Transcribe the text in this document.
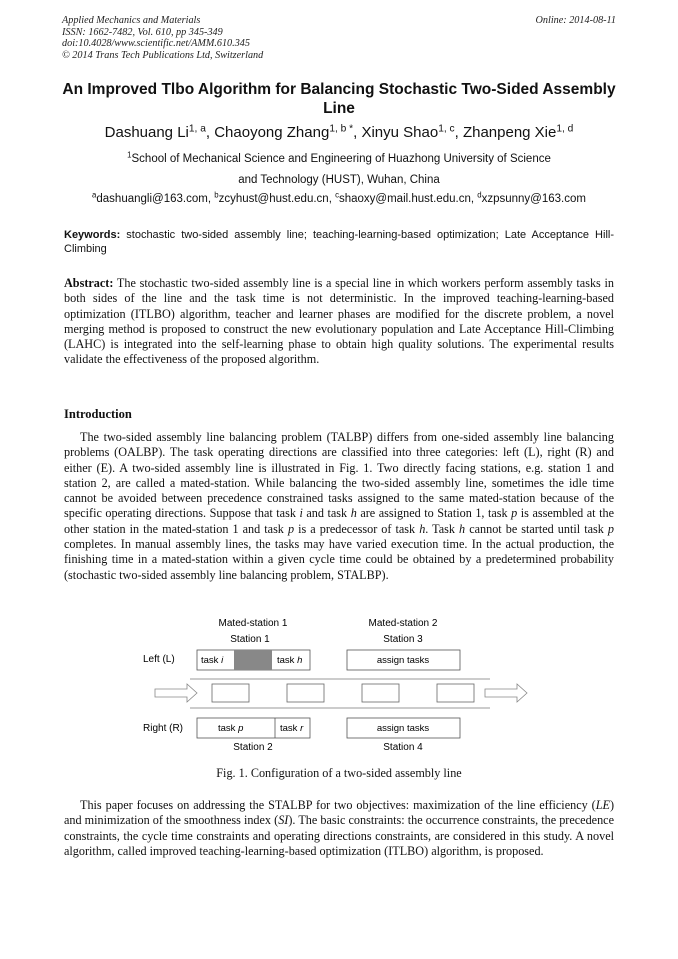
Applied Mechanics and Materials
ISSN: 1662-7482, Vol. 610, pp 345-349
doi:10.4028/www.scientific.net/AMM.610.345
© 2014 Trans Tech Publications Ltd, Switzerland
Online: 2014-08-11
An Improved Tlbo Algorithm for Balancing Stochastic Two-Sided Assembly Line
Dashuang Li$^{1, a}$, Chaoyong Zhang$^{1, b *}$, Xinyu Shao$^{1, c}$, Zhanpeng Xie$^{1, d}$
$^1$School of Mechanical Science and Engineering of Huazhong University of Science
and Technology (HUST), Wuhan, China
$^a$dashuangli@163.com, $^b$zcyhust@hust.edu.cn, $^c$shaoxy@mail.hust.edu.cn, $^d$xzpsunny@163.com
Keywords: stochastic two-sided assembly line; teaching-learning-based optimization; Late Acceptance Hill-Climbing
Abstract: The stochastic two-sided assembly line is a special line in which workers perform assembly tasks in both sides of the line and the task time is not deterministic. In the improved teaching-learning-based optimization (ITLBO) algorithm, teacher and learner phases are modified for the discrete problem, a novel merging method is proposed to construct the new evolutionary population and Late Acceptance Hill-Climbing (LAHC) is integrated into the self-learning phase to obtain high quality solutions. The experimental results validate the effectiveness of the proposed algorithm.
Introduction
The two-sided assembly line balancing problem (TALBP) differs from one-sided assembly line balancing problems (OALBP). The task operating directions are classified into three categories: left (L), right (R) and either (E). A two-sided assembly line is illustrated in Fig. 1. Two directly facing stations, e.g. station 1 and station 2, are called a mated-station. While balancing the two-sided assembly line, sometimes the idle time cannot be avoided between precedence constrained tasks assigned to the same mated-station because of the specific operating directions. Suppose that task i and task h are assigned to Station 1, task p is assembled at the other station in the mated-station 1 and task p is a predecessor of task h. Task h cannot be started until task p completes. In manual assembly lines, the tasks may have varied execution time. In the actual production, the finishing time in a mated-station within a given cycle time could be obtained by a predetermined probability (stochastic two-sided assembly line balancing problem, STALBP).
Mated-station 1	Mated-station 2
Station 1	Station 3
Left (L)
Right (R)
task i	task h	assign tasks
task p	task r	assign tasks
Station 2	Station 4
Fig. 1. Configuration of a two-sided assembly line
This paper focuses on addressing the STALBP for two objectives: maximization of the line efficiency (LE) and minimization of the smoothness index (SI). The basic constraints: the occurrence constraints, the precedence constraints, the cycle time constraints and operating directions constraints, are considered in this study. A novel algorithm, called improved teaching-learning-based optimization (ITLBO) algorithm, is proposed.
